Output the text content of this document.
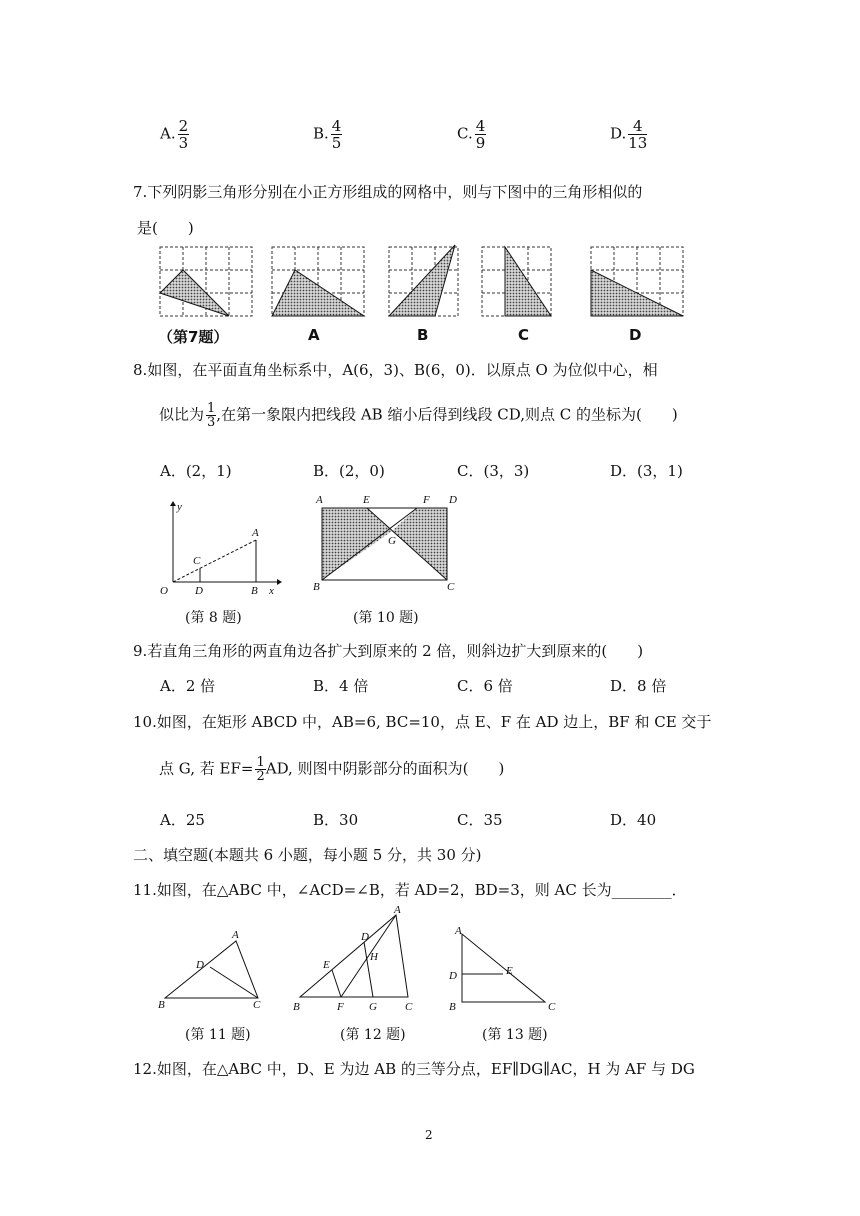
A. $\frac{2}{3}$	B. $\frac{4}{5}$	C. $\frac{4}{9}$	D. $\frac{4}{13}$
7.下列阴影三角形分别在小正方形组成的网格中，则与下图中的三角形相似的
是(　　)
（第7题）	A	B	C	D
8.如图，在平面直角坐标系中，A(6，3)、B(6，0)．以原点 O 为位似中心，相
似比为 $\frac{1}{3}$ ,在第一象限内把线段 AB 缩小后得到线段 CD,则点 C 的坐标为(　　)
A．(2，1)	B．(2，0)	C．(3，3)	D．(3，1)
y
x
O
A
B
C
D
(第 8 题)
A	E	F D
G
B	C
(第 10 题)
9.若直角三角形的两直角边各扩大到原来的 2 倍，则斜边扩大到原来的(　　)
A．2 倍	B．4 倍	C．6 倍	D．8 倍
10.如图，在矩形 ABCD 中，AB=6, BC=10，点 E、F 在 AD 边上，BF 和 CE 交于
点 G, 若 $EF= \frac{1}{2}$ AD, 则图中阴影部分的面积为(　　)
A．25	B．30	C．35	D．40
二、填空题(本题共 6 小题，每小题 5 分，共 30 分)
11.如图，在△ABC 中，∠ACD=∠B，若 AD=2，BD=3，则 AC 长为________．
A
D
B	C
(第 11 题)
A
D
E
H
B	F G	C
(第 12 题)
A
D	E
B	C
(第 13 题)
12.如图，在△ABC 中，D、E 为边 AB 的三等分点，EF∥DG∥AC，H 为 AF 与 DG
2
